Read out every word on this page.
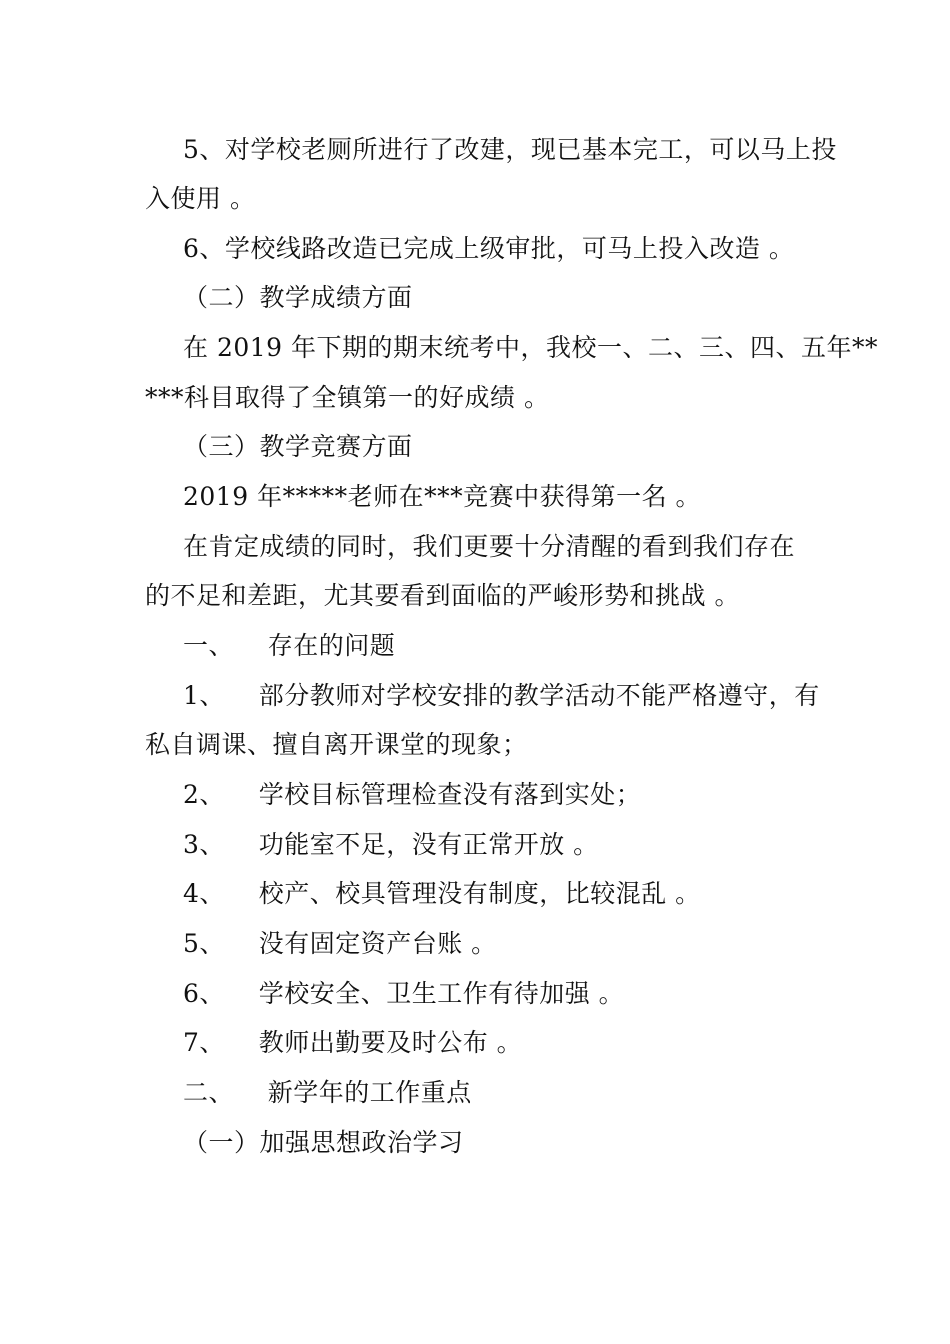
5、对学校老厕所进行了改建，现已基本完工，可以马上投
入使用 。
6、学校线路改造已完成上级审批，可马上投入改造 。
（二）教学成绩方面
在 2019 年下期的期末统考中，我校一、二、三、四、五年**
***科目取得了全镇第一的好成绩 。
（三）教学竞赛方面
2019 年*****老师在***竞赛中获得第一名 。
在肯定成绩的同时，我们更要十分清醒的看到我们存在
的不足和差距，尤其要看到面临的严峻形势和挑战 。
一、    存在的问题
1、    部分教师对学校安排的教学活动不能严格遵守，有
私自调课、擅自离开课堂的现象；
2、    学校目标管理检查没有落到实处；
3、    功能室不足，没有正常开放 。
4、    校产、校具管理没有制度，比较混乱 。
5、    没有固定资产台账 。
6、    学校安全、卫生工作有待加强 。
7、    教师出勤要及时公布 。
二、    新学年的工作重点
（一）加强思想政治学习
